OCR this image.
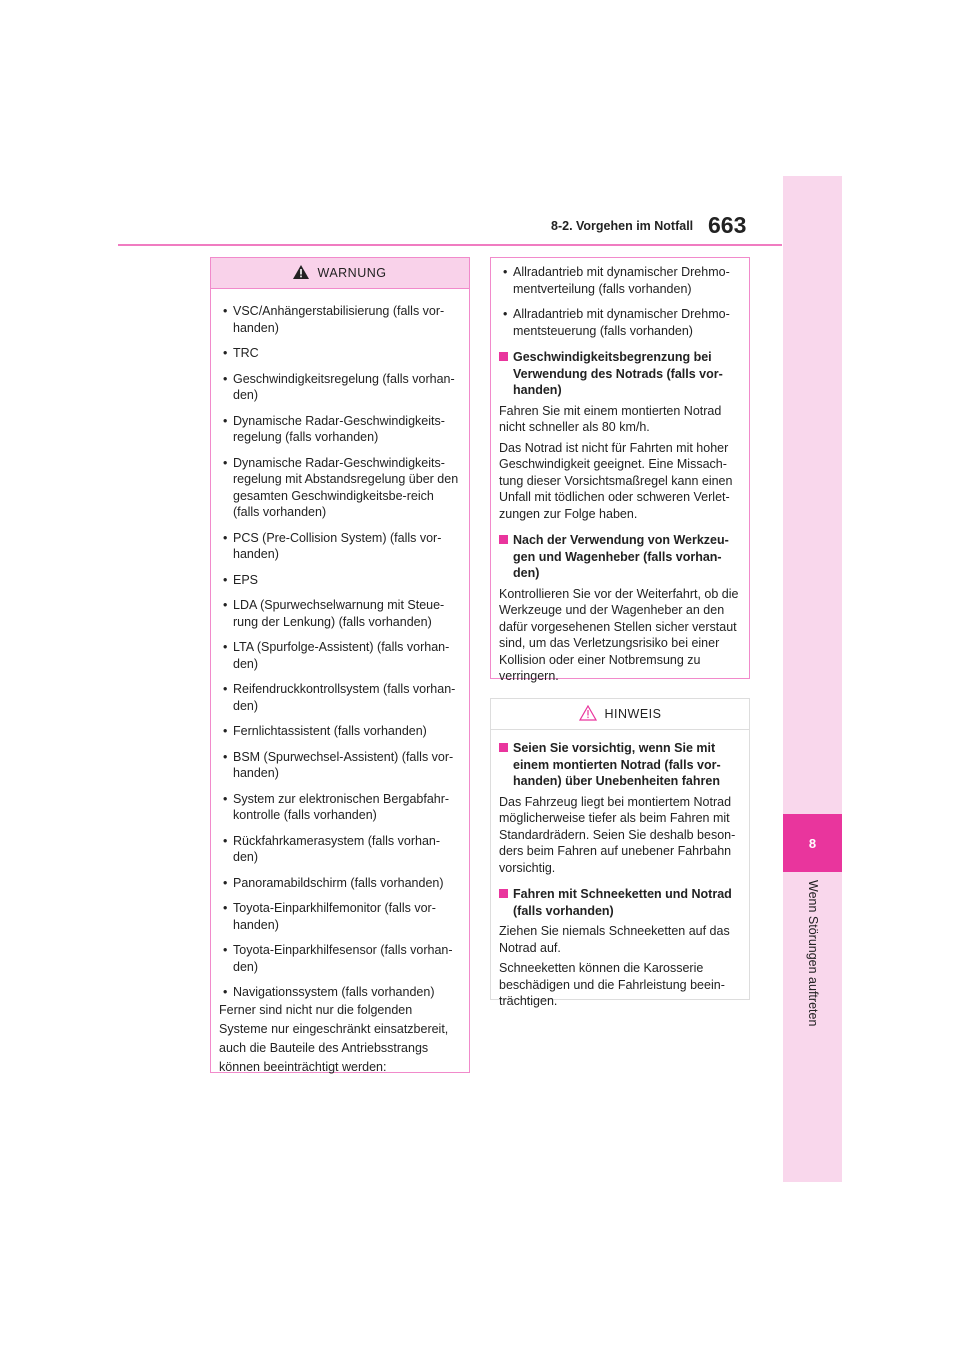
8-2. Vorgehen im Notfall 663
8
Wenn Störungen auftreten
WARNUNG
• VSC/Anhängerstabilisierung (falls vor-handen)
• TRC
• Geschwindigkeitsregelung (falls vorhan-den)
• Dynamische Radar-Geschwindigkeits-regelung (falls vorhanden)
• Dynamische Radar-Geschwindigkeits-regelung mit Abstandsregelung über den gesamten Geschwindigkeitsbe-reich (falls vorhanden)
• PCS (Pre-Collision System) (falls vor-handen)
• EPS
• LDA (Spurwechselwarnung mit Steue-rung der Lenkung) (falls vorhanden)
• LTA (Spurfolge-Assistent) (falls vorhan-den)
• Reifendruckkontrollsystem (falls vorhan-den)
• Fernlichtassistent (falls vorhanden)
• BSM (Spurwechsel-Assistent) (falls vor-handen)
• System zur elektronischen Bergabfahr-kontrolle (falls vorhanden)
• Rückfahrkamerasystem (falls vorhan-den)
• Panoramabildschirm (falls vorhanden)
• Toyota-Einparkhilfemonitor (falls vor-handen)
• Toyota-Einparkhilfesensor (falls vorhan-den)
• Navigationssystem (falls vorhanden)
Ferner sind nicht nur die folgenden
Systeme nur eingeschränkt einsatzbereit,
auch die Bauteile des Antriebsstrangs
können beeinträchtigt werden:
• Allradantrieb mit dynamischer Drehmo-mentverteilung (falls vorhanden)
• Allradantrieb mit dynamischer Drehmo-mentsteuerung (falls vorhanden)
Geschwindigkeitsbegrenzung bei Verwendung des Notrads (falls vor-handen)
Fahren Sie mit einem montierten Notrad nicht schneller als 80 km/h.
Das Notrad ist nicht für Fahrten mit hoher Geschwindigkeit geeignet. Eine Missach-tung dieser Vorsichtsmaßregel kann einen Unfall mit tödlichen oder schweren Verlet-zungen zur Folge haben.
Nach der Verwendung von Werkzeu-gen und Wagenheber (falls vorhan-den)
Kontrollieren Sie vor der Weiterfahrt, ob die Werkzeuge und der Wagenheber an den dafür vorgesehenen Stellen sicher verstaut sind, um das Verletzungsrisiko bei einer Kollision oder einer Notbremsung zu verringern.
HINWEIS
Seien Sie vorsichtig, wenn Sie mit einem montierten Notrad (falls vor-handen) über Unebenheiten fahren
Das Fahrzeug liegt bei montiertem Notrad möglicherweise tiefer als beim Fahren mit Standardrädern. Seien Sie deshalb beson-ders beim Fahren auf unebener Fahrbahn vorsichtig.
Fahren mit Schneeketten und Notrad (falls vorhanden)
Ziehen Sie niemals Schneeketten auf das Notrad auf.
Schneeketten können die Karosserie beschädigen und die Fahrleistung beein-trächtigen.
